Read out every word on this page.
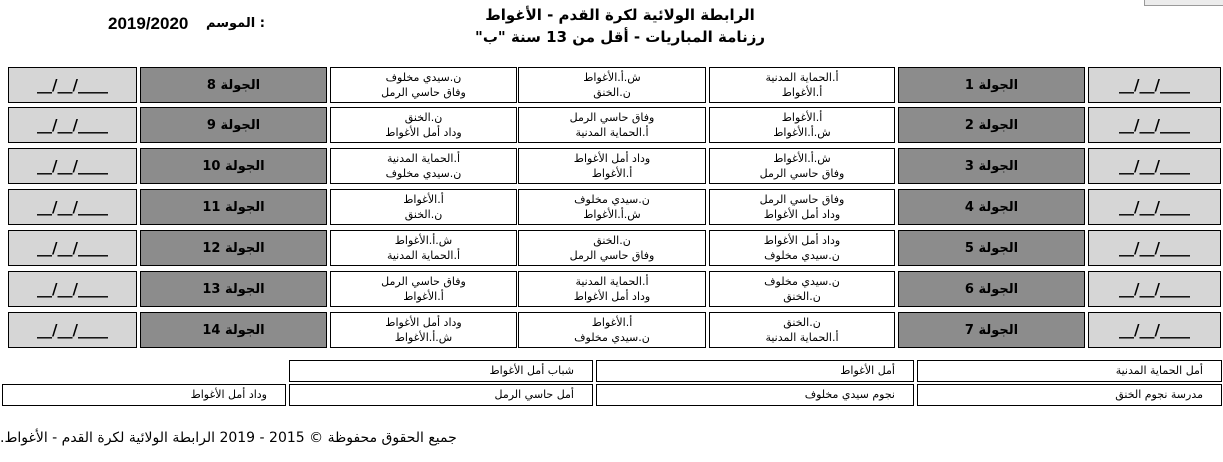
الرابطة الولائية لكرة القدم - الأغواط
رزنامة المباريات - أقل من 13 سنة "ب"
الموسم :
2019/2020
__/__/____
الجولة 1
أ.الحماية المدنية
أ.الأغواط
ش.أ.الأغواط
ن.الخنق
ن.سيدي مخلوف
وفاق حاسي الرمل
الجولة 8
__/__/____
__/__/____
الجولة 2
أ.الأغواط
ش.أ.الأغواط
وفاق حاسي الرمل
أ.الحماية المدنية
ن.الخنق
وداد أمل الأغواط
الجولة 9
__/__/____
__/__/____
الجولة 3
ش.أ.الأغواط
وفاق حاسي الرمل
وداد أمل الأغواط
أ.الأغواط
أ.الحماية المدنية
ن.سيدي مخلوف
الجولة 10
__/__/____
__/__/____
الجولة 4
وفاق حاسي الرمل
وداد أمل الأغواط
ن.سيدي مخلوف
ش.أ.الأغواط
أ.الأغواط
ن.الخنق
الجولة 11
__/__/____
__/__/____
الجولة 5
وداد أمل الأغواط
ن.سيدي مخلوف
ن.الخنق
وفاق حاسي الرمل
ش.أ.الأغواط
أ.الحماية المدنية
الجولة 12
__/__/____
__/__/____
الجولة 6
ن.سيدي مخلوف
ن.الخنق
أ.الحماية المدنية
وداد أمل الأغواط
وفاق حاسي الرمل
أ.الأغواط
الجولة 13
__/__/____
__/__/____
الجولة 7
ن.الخنق
أ.الحماية المدنية
أ.الأغواط
ن.سيدي مخلوف
وداد أمل الأغواط
ش.أ.الأغواط
الجولة 14
__/__/____
أمل الحماية المدنية
أمل الأغواط
شباب أمل الأغواط
مدرسة نجوم الخنق
نجوم سيدي مخلوف
أمل حاسي الرمل
وداد أمل الأغواط
جميع الحقوق محفوظة © 2015 - 2019 الرابطة الولائية لكرة القدم - الأغواط.
